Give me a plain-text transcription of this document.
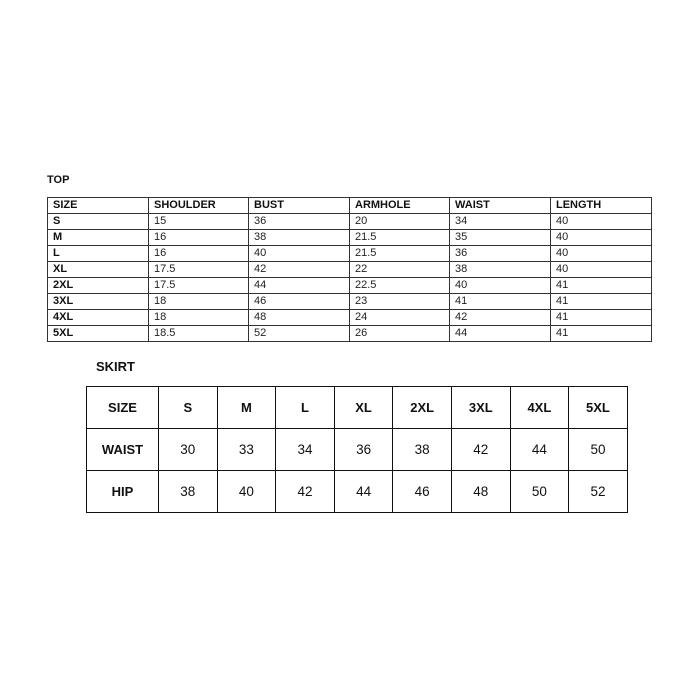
TOP
SIZE	SHOULDER	BUST	ARMHOLE	WAIST	LENGTH
S	15	36	20	34	40
M	16	38	21.5	35	40
L	16	40	21.5	36	40
XL	17.5	42	22	38	40
2XL	17.5	44	22.5	40	41
3XL	18	46	23	41	41
4XL	18	48	24	42	41
5XL	18.5	52	26	44	41
SKIRT
SIZE	S	M	L	XL	2XL	3XL	4XL	5XL
WAIST	30	33	34	36	38	42	44	50
HIP	38	40	42	44	46	48	50	52
